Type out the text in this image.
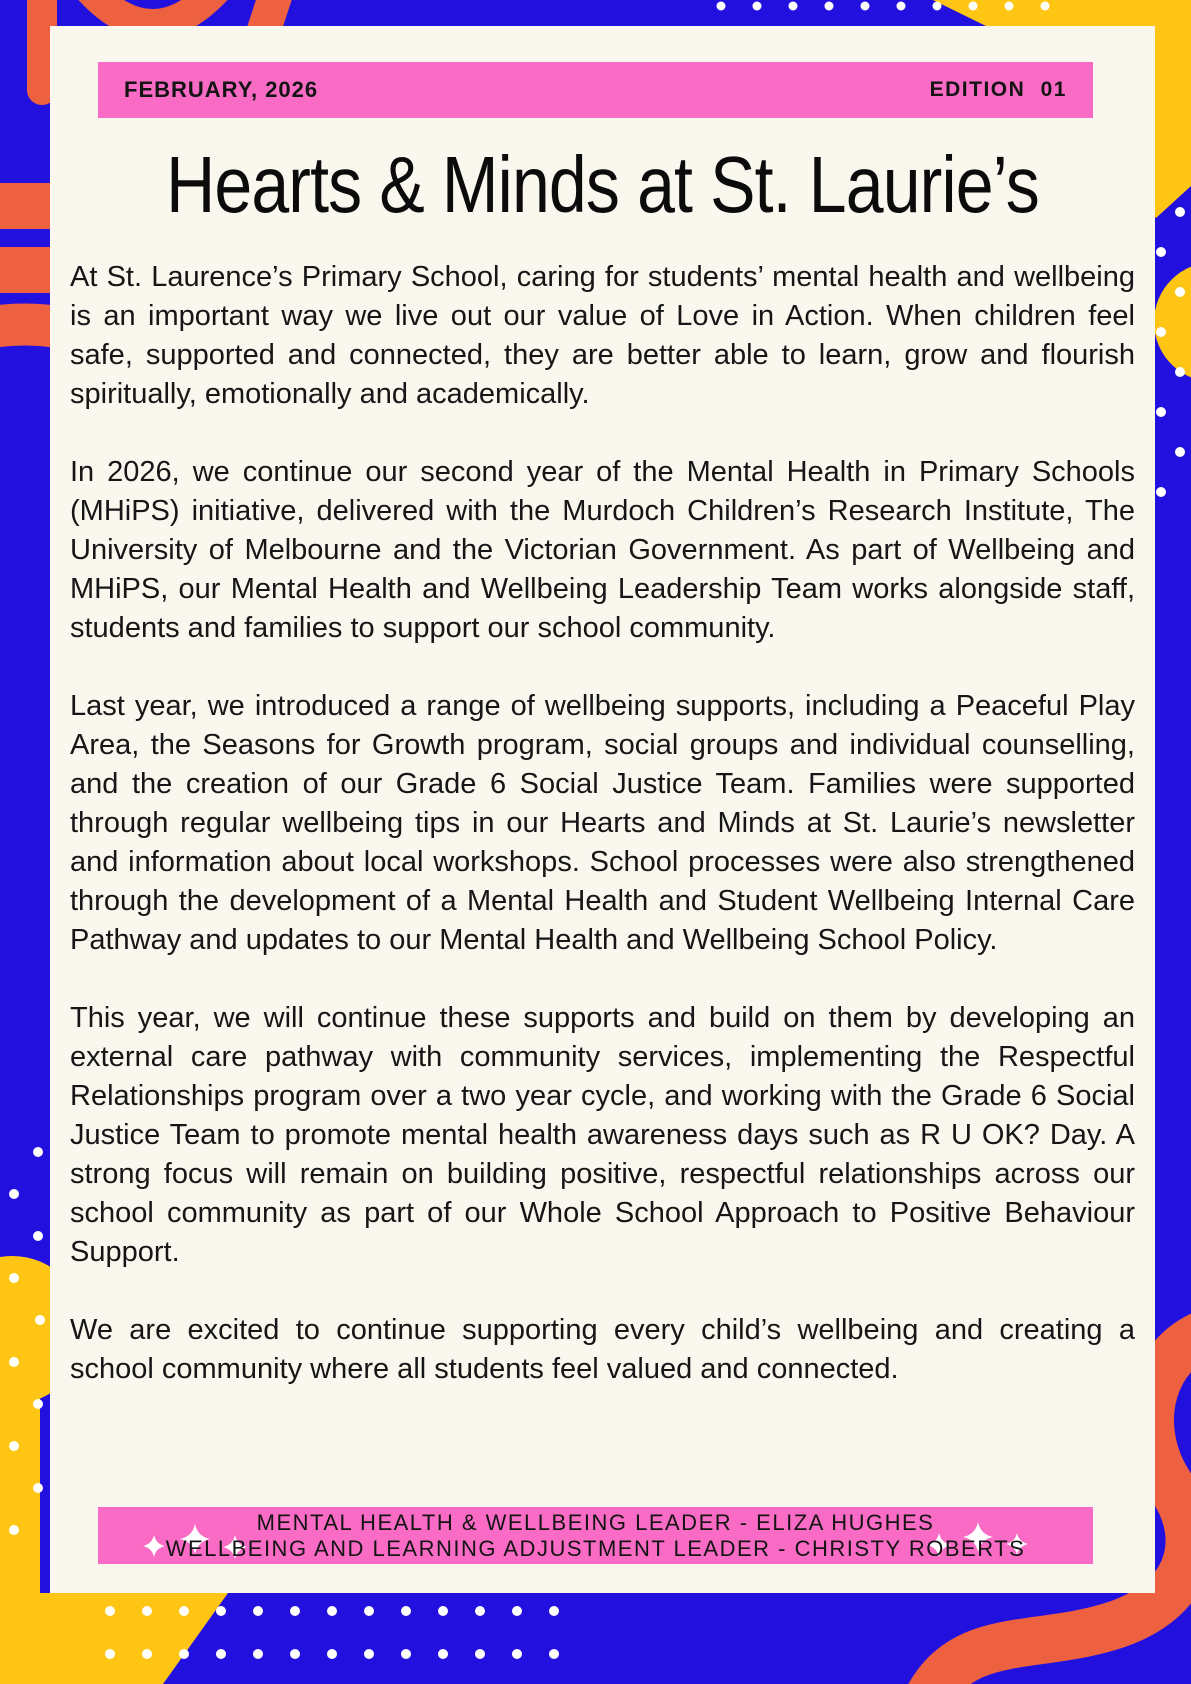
FEBRUARY, 2026	EDITION 01
Hearts & Minds at St. Laurie’s

At St. Laurence’s Primary School, caring for students’ mental health and wellbeing is an important way we live out our value of Love in Action. When children feel safe, supported and connected, they are better able to learn, grow and flourish spiritually, emotionally and academically.

In 2026, we continue our second year of the Mental Health in Primary Schools (MHiPS) initiative, delivered with the Murdoch Children’s Research Institute, The University of Melbourne and the Victorian Government. As part of Wellbeing and MHiPS, our Mental Health and Wellbeing Leadership Team works alongside staff, students and families to support our school community.

Last year, we introduced a range of wellbeing supports, including a Peaceful Play Area, the Seasons for Growth program, social groups and individual counselling, and the creation of our Grade 6 Social Justice Team. Families were supported through regular wellbeing tips in our Hearts and Minds at St. Laurie’s newsletter and information about local workshops. School processes were also strengthened through the development of a Mental Health and Student Wellbeing Internal Care Pathway and updates to our Mental Health and Wellbeing School Policy.

This year, we will continue these supports and build on them by developing an external care pathway with community services, implementing the Respectful Relationships program over a two year cycle, and working with the Grade 6 Social Justice Team to promote mental health awareness days such as R U OK? Day. A strong focus will remain on building positive, respectful relationships across our school community as part of our Whole School Approach to Positive Behaviour Support.

We are excited to continue supporting every child’s wellbeing and creating a school community where all students feel valued and connected.

MENTAL HEALTH & WELLBEING LEADER - ELIZA HUGHES
WELLBEING AND LEARNING ADJUSTMENT LEADER - CHRISTY ROBERTS
